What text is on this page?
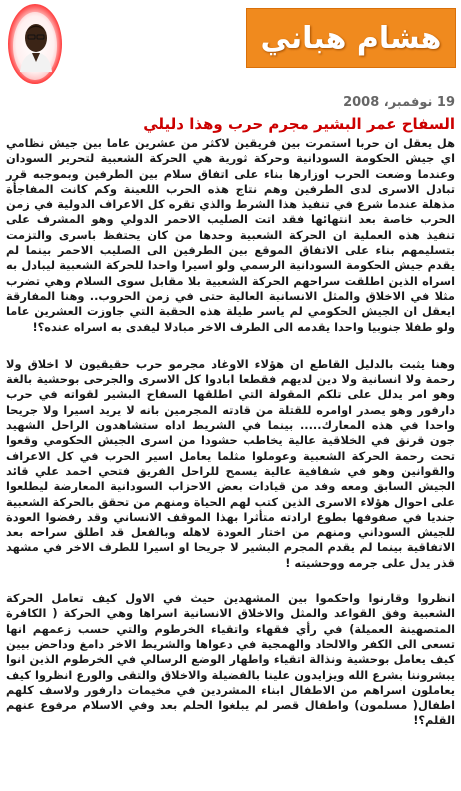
هشام هباني

19 نوفمبر، 2008

السفاح عمر البشير مجرم حرب وهذا دليلي

هل يعقل ان حربا استمرت بين فريقين لاكثر من عشرين عاما بين جيش نظامي اي جيش الحكومة السودانية وحركة ثورية هي الحركة الشعبية لتحرير السودان وعندما وضعت الحرب اوزارها بناء على اتفاق سلام بين الطرفين وبموجبه قرر تبادل الاسرى لدى الطرفين وهم نتاج هذه الحرب اللعينة وكم كانت المفاجأة مذهلة عندما شرع في تنفيذ هذا الشرط والذي تقره كل الاعراف الدولية في زمن الحرب خاصة بعد انتهائها فقد اتت الصليب الاحمر الدولي وهو المشرف على تنفيذ هذه العملية ان الحركة الشعبية وحدها من كان يحتفظ باسرى والتزمت بتسليمهم بناء على الاتفاق الموقع بين الطرفين الى الصليب الاحمر بينما لم يقدم جيش الحكومة السودانية الرسمي ولو اسيرا واحدا للحركة الشعبية ليبادل به اسراه الذين اطلقت سراحهم الحركة الشعبية بلا مقابل سوى السلام وهي تضرب مثلا في الاخلاق والمثل الانسانية العالية حتى في زمن الحروب.. وهنا المفارقة ايعقل ان الجيش الحكومي لم ياسر طيلة هذه الحقبة التي جاوزت العشرين عاما ولو طفلا جنوبيا واحدا يقدمه الى الطرف الاخر مبادلا ليفدى به اسراه عنده؟!

وهنا يثبت بالدليل القاطع ان هؤلاء الاوغاد مجرمو حرب حقيقيون لا اخلاق ولا رحمة ولا انسانية ولا دين لديهم فقطعا ابادوا كل الاسرى والجرحى بوحشية بالغة وهو امر يدلل على تلكم المقولة التي اطلقها السفاح البشير لقواته في حرب دارفور وهو يصدر اوامره للقتلة من قادته المجرمين بانه لا يريد اسيرا ولا جريحا واحدا في هذه المعارك..... بينما في الشريط اداه ستشاهدون الراحل الشهيد جون قرنق في الخلاقية عالية يخاطب حشودا من اسرى الجيش الحكومي وقعوا تحت رحمة الحركة الشعبية وعوملوا مثلما يعامل اسير الحرب في كل الاعراف والقوانين وهو في شفافية عالية يسمح للراحل الفريق فتحي احمد علي قائد الجيش السابق ومعه وفد من قيادات بعض الاحزاب السودانية المعارضة ليطلعوا على احوال هؤلاء الاسرى الذين كتب لهم الحياة ومنهم من تحقق بالحركة الشعبية جنديا في صفوفها بطوع ارادته متأثرا بهذا الموقف الانساني وقد رفضوا العودة للجيش السوداني ومنهم من اختار العودة لاهله وبالفعل قد اطلق سراحه بعد الاتفاقية بينما لم يقدم المجرم البشير لا جريحا او اسيرا للطرف الاخر في مشهد قذر يدل على جرمه ووحشيته !

انظروا وقارنوا واحكموا بين المشهدين حيث في الاول كيف تعامل الحركة الشعبية وفق القواعد والمثل والاخلاق الانسانية اسراها وهي الحركة ( الكافرة المتصهينة العميلة) في رأي فقهاء واتقياء الخرطوم والتي حسب زعمهم انها تسعى الى الكفر والالحاد والهمجية في دعواها والشريط الاخر دامغ وداحض بيين كيف يعامل بوحشية ونذالة اتقياء واطهار الوضع الرسالي في الخرطوم الذين انوا يبشروننا بشرع الله ويزايدون علينا بالفضيلة والاخلاق والتقى والورع انظروا كيف يعاملون اسراهم من الاطفال ابناء المشردين في مخيمات دارفور ولاسف كلهم اطفال( مسلمون) واطفال قصر لم يبلغوا الحلم بعد وفي الاسلام مرفوع عنهم القلم؟!
